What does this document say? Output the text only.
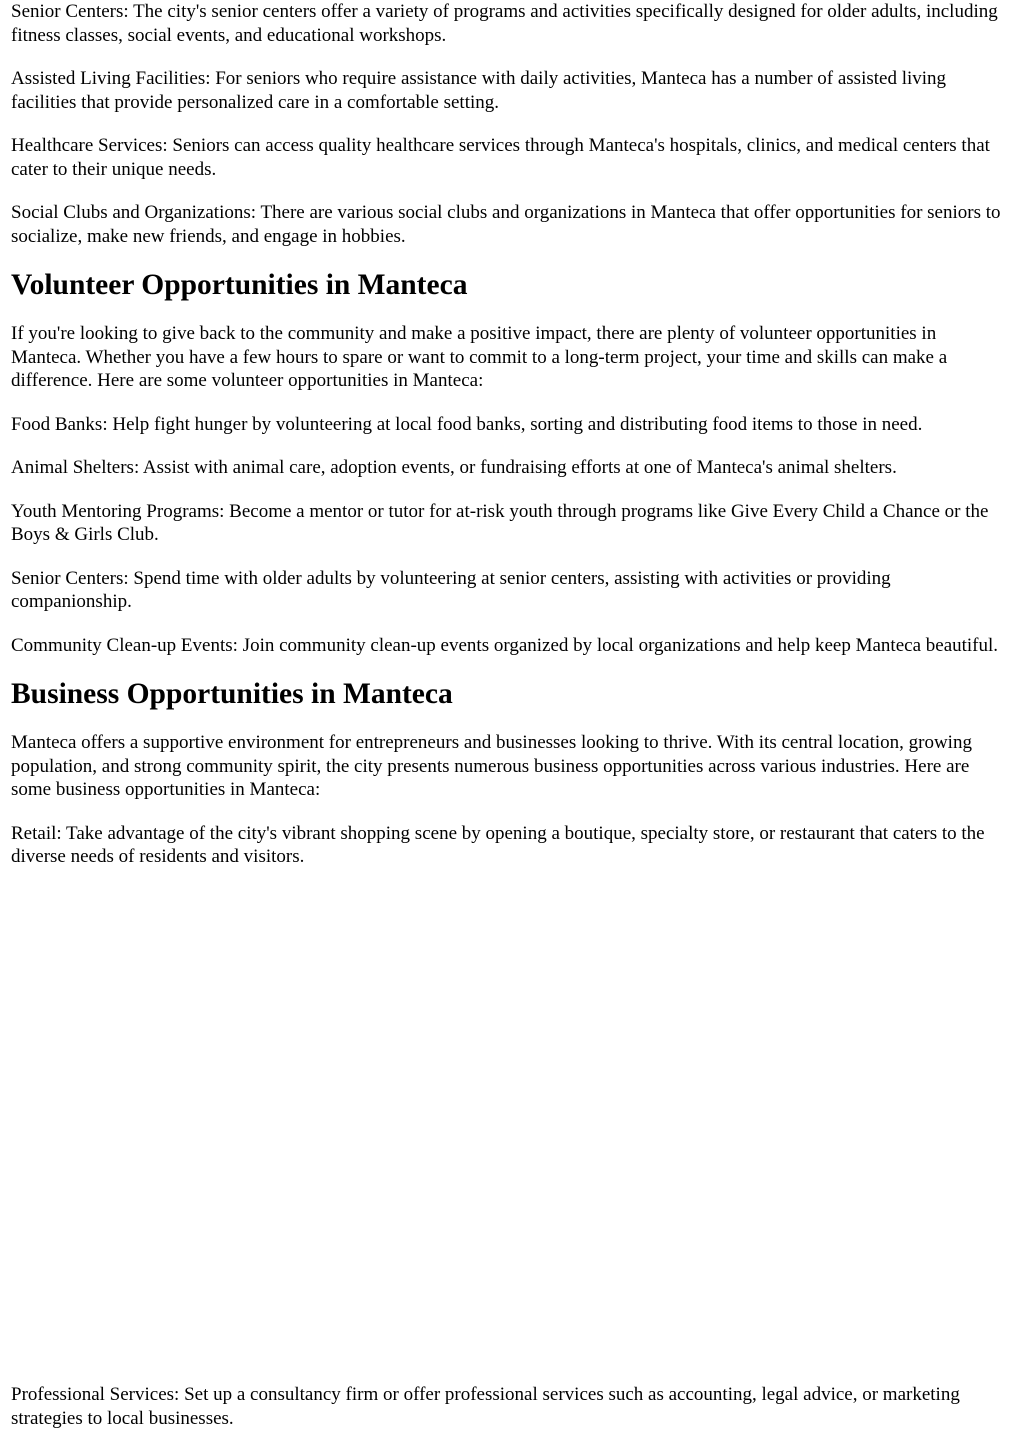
Senior Centers: The city's senior centers offer a variety of programs and activities specifically designed for older adults, including fitness classes, social events, and educational workshops.

Assisted Living Facilities: For seniors who require assistance with daily activities, Manteca has a number of assisted living facilities that provide personalized care in a comfortable setting.

Healthcare Services: Seniors can access quality healthcare services through Manteca's hospitals, clinics, and medical centers that cater to their unique needs.

Social Clubs and Organizations: There are various social clubs and organizations in Manteca that offer opportunities for seniors to socialize, make new friends, and engage in hobbies.

Volunteer Opportunities in Manteca

If you're looking to give back to the community and make a positive impact, there are plenty of volunteer opportunities in Manteca. Whether you have a few hours to spare or want to commit to a long-term project, your time and skills can make a difference. Here are some volunteer opportunities in Manteca:

Food Banks: Help fight hunger by volunteering at local food banks, sorting and distributing food items to those in need.

Animal Shelters: Assist with animal care, adoption events, or fundraising efforts at one of Manteca's animal shelters.

Youth Mentoring Programs: Become a mentor or tutor for at-risk youth through programs like Give Every Child a Chance or the Boys & Girls Club.

Senior Centers: Spend time with older adults by volunteering at senior centers, assisting with activities or providing companionship.

Community Clean-up Events: Join community clean-up events organized by local organizations and help keep Manteca beautiful.

Business Opportunities in Manteca

Manteca offers a supportive environment for entrepreneurs and businesses looking to thrive. With its central location, growing population, and strong community spirit, the city presents numerous business opportunities across various industries. Here are some business opportunities in Manteca:

Retail: Take advantage of the city's vibrant shopping scene by opening a boutique, specialty store, or restaurant that caters to the diverse needs of residents and visitors.

Professional Services: Set up a consultancy firm or offer professional services such as accounting, legal advice, or marketing strategies to local businesses.
